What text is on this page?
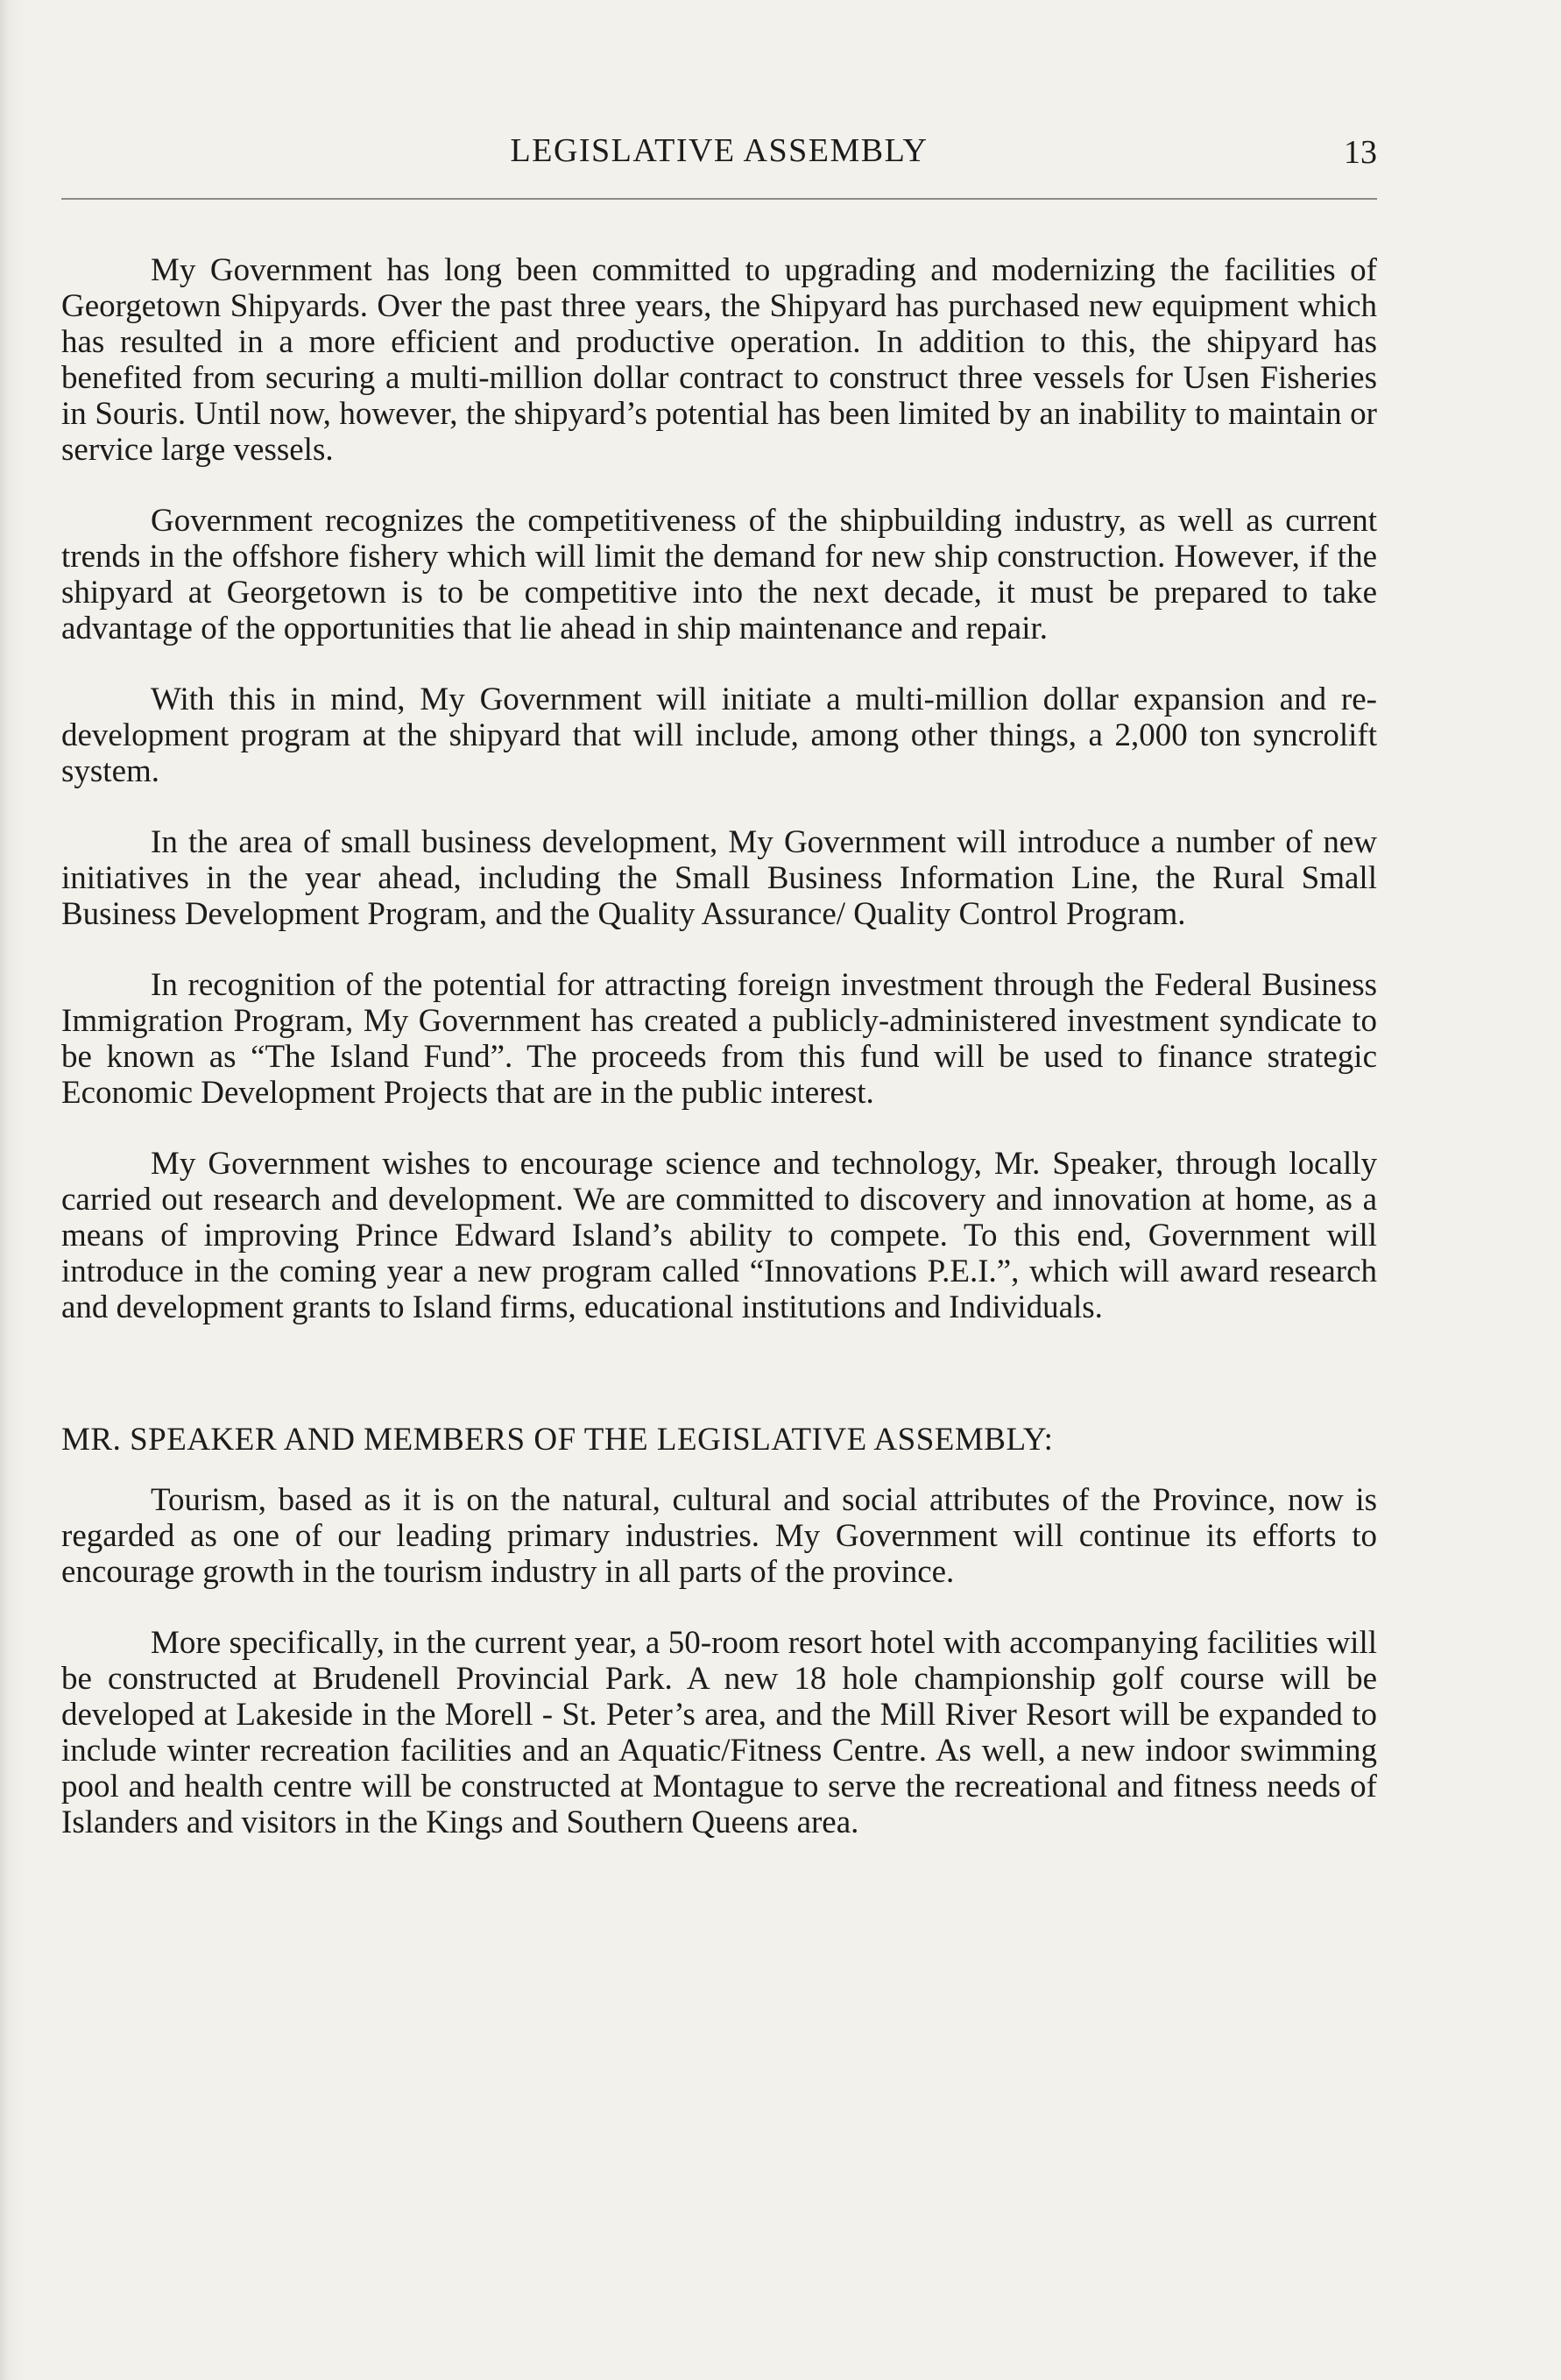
LEGISLATIVE ASSEMBLY	13

My Government has long been committed to upgrading and modernizing the facilities of Georgetown Shipyards. Over the past three years, the Shipyard has purchased new equipment which has resulted in a more efficient and productive operation. In addition to this, the shipyard has benefited from securing a multi-million dollar contract to construct three vessels for Usen Fisheries in Souris. Until now, however, the shipyard’s potential has been limited by an inability to maintain or service large vessels.

Government recognizes the competitiveness of the shipbuilding industry, as well as current trends in the offshore fishery which will limit the demand for new ship construction. However, if the shipyard at Georgetown is to be competitive into the next decade, it must be prepared to take advantage of the opportunities that lie ahead in ship maintenance and repair.

With this in mind, My Government will initiate a multi-million dollar expansion and re-development program at the shipyard that will include, among other things, a 2,000 ton syncrolift system.

In the area of small business development, My Government will introduce a number of new initiatives in the year ahead, including the Small Business Information Line, the Rural Small Business Development Program, and the Quality Assurance/ Quality Control Program.

In recognition of the potential for attracting foreign investment through the Federal Business Immigration Program, My Government has created a publicly-administered investment syndicate to be known as “The Island Fund”. The proceeds from this fund will be used to finance strategic Economic Development Projects that are in the public interest.

My Government wishes to encourage science and technology, Mr. Speaker, through locally carried out research and development. We are committed to discovery and innovation at home, as a means of improving Prince Edward Island’s ability to compete. To this end, Government will introduce in the coming year a new program called “Innovations P.E.I.”, which will award research and development grants to Island firms, educational institutions and Individuals.

MR. SPEAKER AND MEMBERS OF THE LEGISLATIVE ASSEMBLY:

Tourism, based as it is on the natural, cultural and social attributes of the Province, now is regarded as one of our leading primary industries. My Government will continue its efforts to encourage growth in the tourism industry in all parts of the province.

More specifically, in the current year, a 50-room resort hotel with accompanying facilities will be constructed at Brudenell Provincial Park. A new 18 hole championship golf course will be developed at Lakeside in the Morell - St. Peter’s area, and the Mill River Resort will be expanded to include winter recreation facilities and an Aquatic/Fitness Centre. As well, a new indoor swimming pool and health centre will be constructed at Montague to serve the recreational and fitness needs of Islanders and visitors in the Kings and Southern Queens area.
